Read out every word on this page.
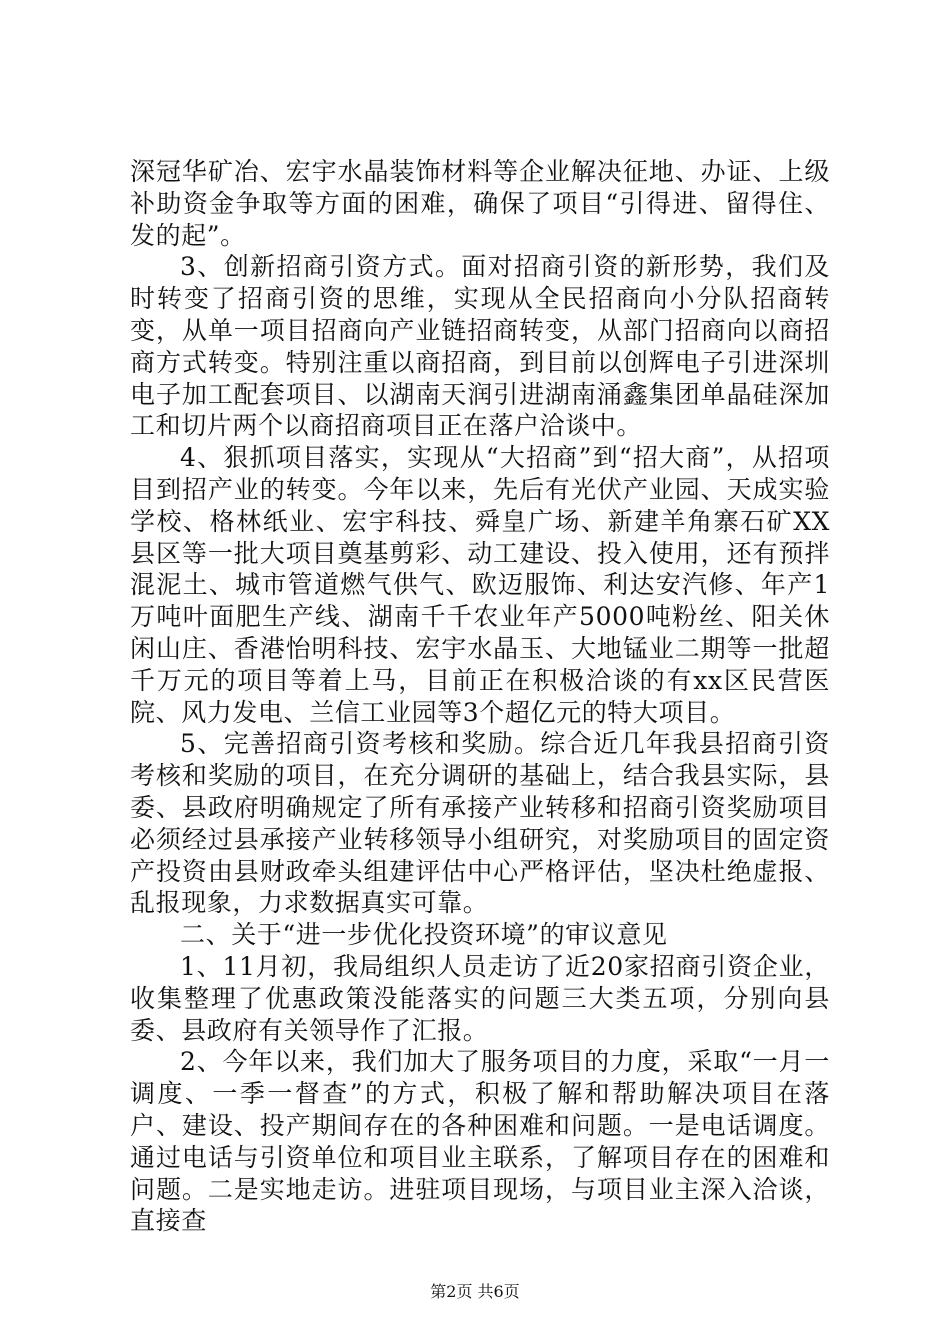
深冠华矿冶、宏宇水晶装饰材料等企业解决征地、办证、上级补助资金争取等方面的困难，确保了项目“引得进、留得住、发的起”。

3、创新招商引资方式。面对招商引资的新形势，我们及时转变了招商引资的思维，实现从全民招商向小分队招商转变，从单一项目招商向产业链招商转变，从部门招商向以商招商方式转变。特别注重以商招商，到目前以创辉电子引进深圳电子加工配套项目、以湖南天润引进湖南涌鑫集团单晶硅深加工和切片两个以商招商项目正在落户洽谈中。

4、狠抓项目落实，实现从“大招商”到“招大商”，从招项目到招产业的转变。今年以来，先后有光伏产业园、天成实验学校、格林纸业、宏宇科技、舜皇广场、新建羊角寨石矿XX县区等一批大项目奠基剪彩、动工建设、投入使用，还有预拌混泥土、城市管道燃气供气、欧迈服饰、利达安汽修、年产1万吨叶面肥生产线、湖南千千农业年产5000吨粉丝、阳关休闲山庄、香港怡明科技、宏宇水晶玉、大地锰业二期等一批超千万元的项目等着上马，目前正在积极洽谈的有xx区民营医院、风力发电、兰信工业园等3个超亿元的特大项目。

5、完善招商引资考核和奖励。综合近几年我县招商引资考核和奖励的项目，在充分调研的基础上，结合我县实际，县委、县政府明确规定了所有承接产业转移和招商引资奖励项目必须经过县承接产业转移领导小组研究，对奖励项目的固定资产投资由县财政牵头组建评估中心严格评估，坚决杜绝虚报、乱报现象，力求数据真实可靠。

二、关于“进一步优化投资环境”的审议意见

1、11月初，我局组织人员走访了近20家招商引资企业，收集整理了优惠政策没能落实的问题三大类五项，分别向县委、县政府有关领导作了汇报。

2、今年以来，我们加大了服务项目的力度，采取“一月一调度、一季一督查”的方式，积极了解和帮助解决项目在落户、建设、投产期间存在的各种困难和问题。一是电话调度。通过电话与引资单位和项目业主联系，了解项目存在的困难和问题。二是实地走访。进驻项目现场，与项目业主深入洽谈，直接查

第2页 共6页
